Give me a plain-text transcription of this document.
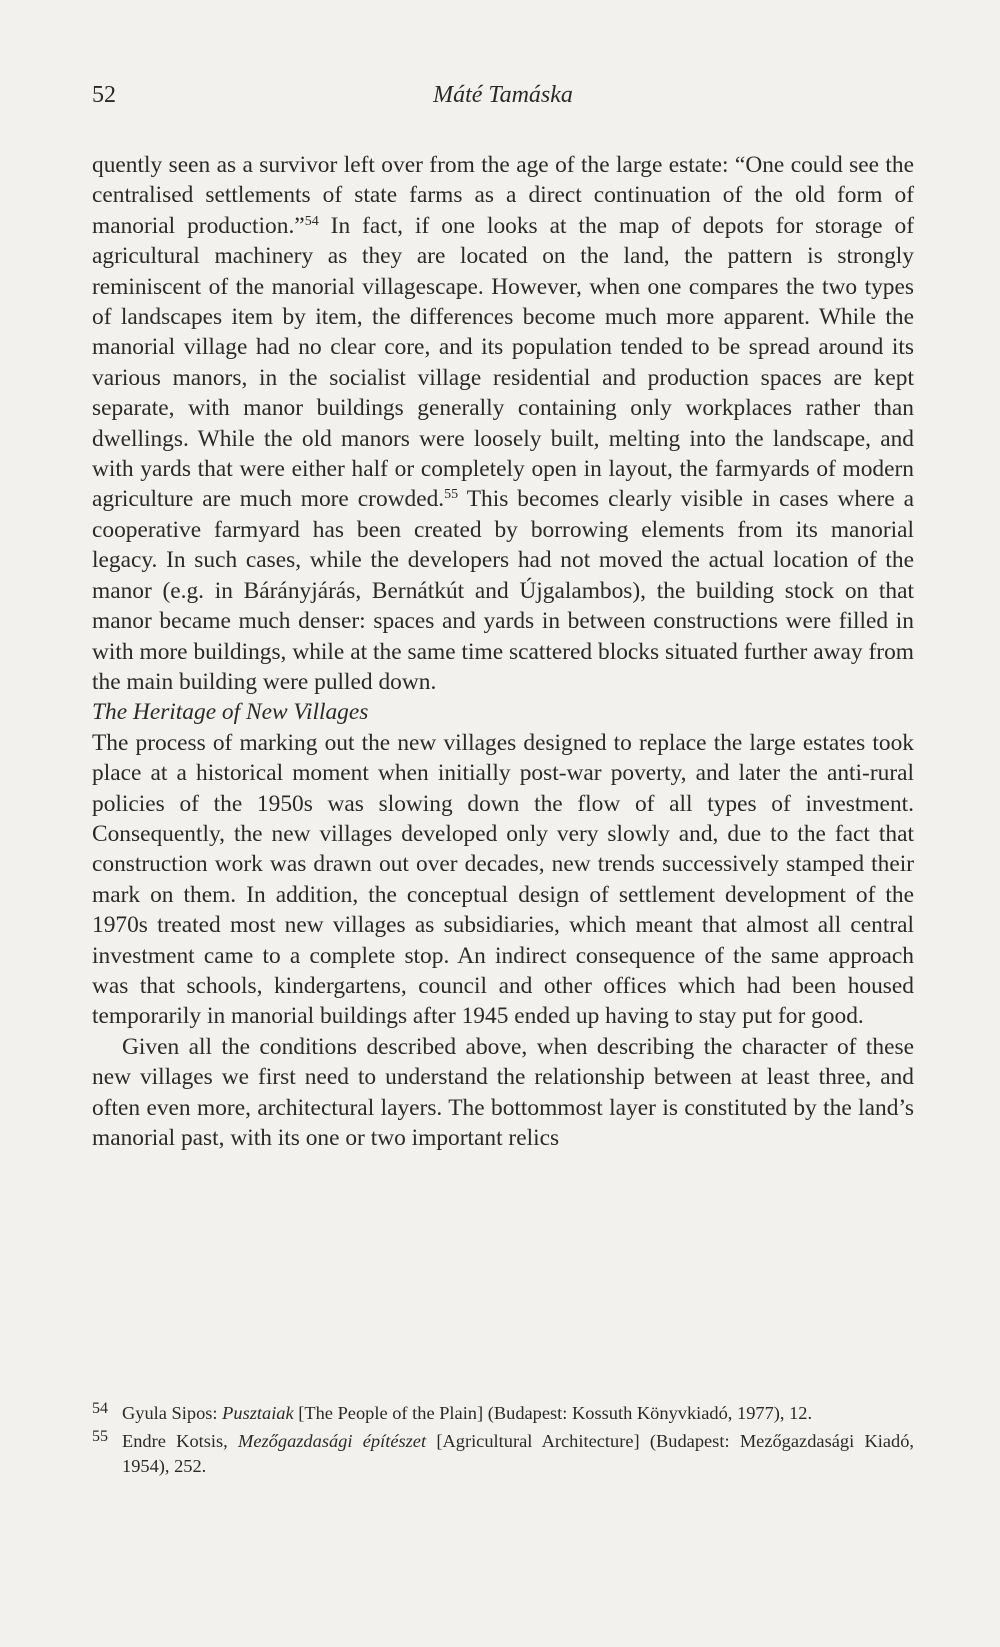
52	Máté Tamáska

quently seen as a survivor left over from the age of the large estate: “One could see the centralised settlements of state farms as a direct continuation of the old form of manorial production.”$^{54}$ In fact, if one looks at the map of depots for storage of agricultural machinery as they are located on the land, the pattern is strongly reminiscent of the manorial villagescape. However, when one compares the two types of landscapes item by item, the differences become much more apparent. While the manorial village had no clear core, and its population tended to be spread around its various manors, in the socialist village residential and production spaces are kept separate, with manor buildings generally containing only workplaces rather than dwellings. While the old manors were loosely built, melting into the landscape, and with yards that were either half or completely open in layout, the farmyards of modern agriculture are much more crowded.$^{55}$ This becomes clearly visible in cases where a cooperative farmyard has been created by borrowing elements from its manorial legacy. In such cases, while the developers had not moved the actual location of the manor (e.g. in Bárányjárás, Bernátkút and Újgalambos), the building stock on that manor became much denser: spaces and yards in between constructions were filled in with more buildings, while at the same time scattered blocks situated further away from the main building were pulled down.

The Heritage of New Villages

The process of marking out the new villages designed to replace the large estates took place at a historical moment when initially post-war poverty, and later the anti-rural policies of the 1950s was slowing down the flow of all types of investment. Consequently, the new villages developed only very slowly and, due to the fact that construction work was drawn out over decades, new trends successively stamped their mark on them. In addition, the conceptual design of settlement development of the 1970s treated most new villages as subsidiaries, which meant that almost all central investment came to a complete stop. An indirect consequence of the same approach was that schools, kindergartens, council and other offices which had been housed temporarily in manorial buildings after 1945 ended up having to stay put for good.

Given all the conditions described above, when describing the character of these new villages we first need to understand the relationship between at least three, and often even more, architectural layers. The bottommost layer is constituted by the land’s manorial past, with its one or two important relics

54 Gyula Sipos: Pusztaiak [The People of the Plain] (Budapest: Kossuth Könyvkiadó, 1977), 12.
55 Endre Kotsis, Mezőgazdasági építészet [Agricultural Architecture] (Budapest: Mezőgazdasági Kiadó, 1954), 252.
